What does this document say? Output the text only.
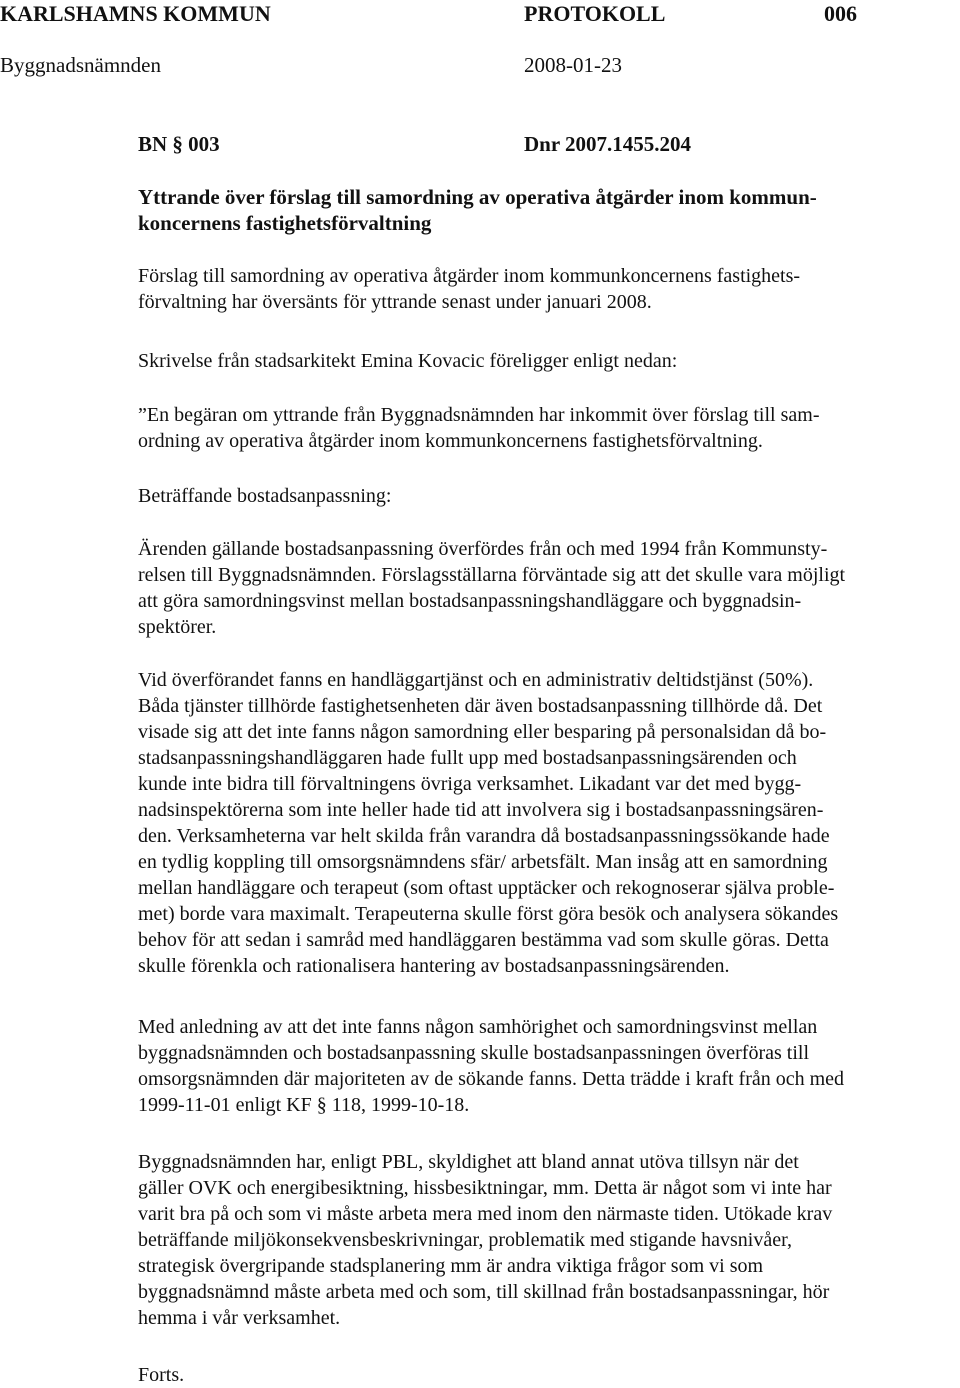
KARLSHAMNS KOMMUN	PROTOKOLL	006
Byggnadsnämnden	2008-01-23
BN § 003	Dnr 2007.1455.204
Yttrande över förslag till samordning av operativa åtgärder inom kommun-
koncernens fastighetsförvaltning
Förslag till samordning av operativa åtgärder inom kommunkoncernens fastighets-
förvaltning har översänts för yttrande senast under januari 2008.
Skrivelse från stadsarkitekt Emina Kovacic föreligger enligt nedan:
”En begäran om yttrande från Byggnadsnämnden har inkommit över förslag till sam-
ordning av operativa åtgärder inom kommunkoncernens fastighetsförvaltning.
Beträffande bostadsanpassning:
Ärenden gällande bostadsanpassning överfördes från och med 1994 från Kommunsty-
relsen till Byggnadsnämnden. Förslagsställarna förväntade sig att det skulle vara möjligt
att göra samordningsvinst mellan bostadsanpassningshandläggare och byggnadsin-
spektörer.
Vid överförandet fanns en handläggartjänst och en administrativ deltidstjänst (50%).
Båda tjänster tillhörde fastighetsenheten där även bostadsanpassning tillhörde då. Det
visade sig att det inte fanns någon samordning eller besparing på personalsidan då bo-
stadsanpassningshandläggaren hade fullt upp med bostadsanpassningsärenden och
kunde inte bidra till förvaltningens övriga verksamhet. Likadant var det med bygg-
nadsinspektörerna som inte heller hade tid att involvera sig i bostadsanpassningsären-
den. Verksamheterna var helt skilda från varandra då bostadsanpassningssökande hade
en tydlig koppling till omsorgsnämndens sfär/ arbetsfält. Man insåg att en samordning
mellan handläggare och terapeut (som oftast upptäcker och rekognoserar själva proble-
met) borde vara maximalt. Terapeuterna skulle först göra besök och analysera sökandes
behov för att sedan i samråd med handläggaren bestämma vad som skulle göras. Detta
skulle förenkla och rationalisera hantering av bostadsanpassningsärenden.
Med anledning av att det inte fanns någon samhörighet och samordningsvinst mellan
byggnadsnämnden och bostadsanpassning skulle bostadsanpassningen överföras till
omsorgsnämnden där majoriteten av de sökande fanns. Detta trädde i kraft från och med
1999-11-01 enligt KF § 118, 1999-10-18.
Byggnadsnämnden har, enligt PBL, skyldighet att bland annat utöva tillsyn när det
gäller OVK och energibesiktning, hissbesiktningar, mm. Detta är något som vi inte har
varit bra på och som vi måste arbeta mera med inom den närmaste tiden. Utökade krav
beträffande miljökonsekvensbeskrivningar, problematik med stigande havsnivåer,
strategisk övergripande stadsplanering mm är andra viktiga frågor som vi som
byggnadsnämnd måste arbeta med och som, till skillnad från bostadsanpassningar, hör
hemma i vår verksamhet.
Forts.
